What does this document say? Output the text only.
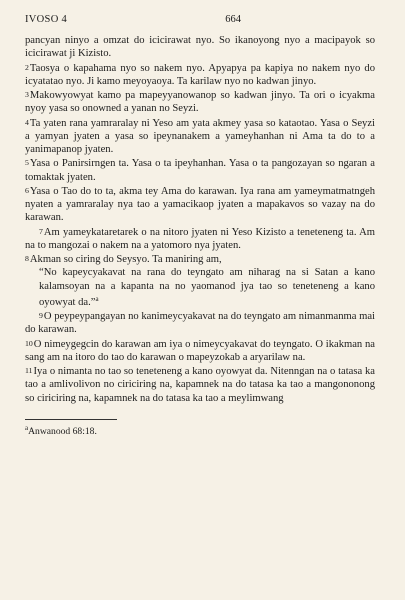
IVOSO 4	664

pancyan ninyo a omzat do icicirawat nyo. So ikanoyong nyo a macipayok so icicirawat ji Kizisto.

2Taosya o kapahama nyo so nakem nyo. Apyapya pa kapiya no nakem nyo do icyatatao nyo. Ji kamo meyoyaoya. Ta karilaw nyo no kadwan jinyo.

3Makowyowyat kamo pa mapeyyanowanop so kadwan jinyo. Ta ori o icyakma nyoy yasa so onowned a yanan no Seyzi.

4Ta yaten rana yamraralay ni Yeso am yata akmey yasa so kataotao. Yasa o Seyzi a yamyan jyaten a yasa so ipeynanakem a yameyhanhan ni Ama ta do to a yanimapanop jyaten.

5Yasa o Panirsirngen ta. Yasa o ta ipeyhanhan. Yasa o ta pangozayan so ngaran a tomaktak jyaten.

6Yasa o Tao do to ta, akma tey Ama do karawan. Iya rana am yameymatmatngeh nyaten a yamraralay nya tao a yamacikaop jyaten a mapakavos so vazay na do karawan.

7Am yameykataretarek o na nitoro jyaten ni Yeso Kizisto a teneteneng ta. Am na to mangozai o nakem na a yatomoro nya jyaten.

8Akman so ciring do Seysyo. Ta maniring am,

“No kapeycyakavat na rana do teyngato am niharag na si Satan a kano kalamsoyan na a kapanta na no yaomanod jya tao so teneteneng a kano oyowyat da.”$^a$

9O peypeypangayan no kanimeycyakavat na do teyngato am nimanmanma mai do karawan.

10O nimeygegcin do karawan am iya o nimeycyakavat do teyngato. O ikakman na sang am na itoro do tao do karawan o mapeyzokab a aryarilaw na.

11Iya o nimanta no tao so teneteneng a kano oyowyat da. Nitenngan na o tatasa ka tao a amlivolivon no ciriciring na, kapamnek na do tatasa ka tao a mangononong so ciriciring na, kapamnek na do tatasa ka tao a meylimwang

$^a$Anwanood 68:18.
